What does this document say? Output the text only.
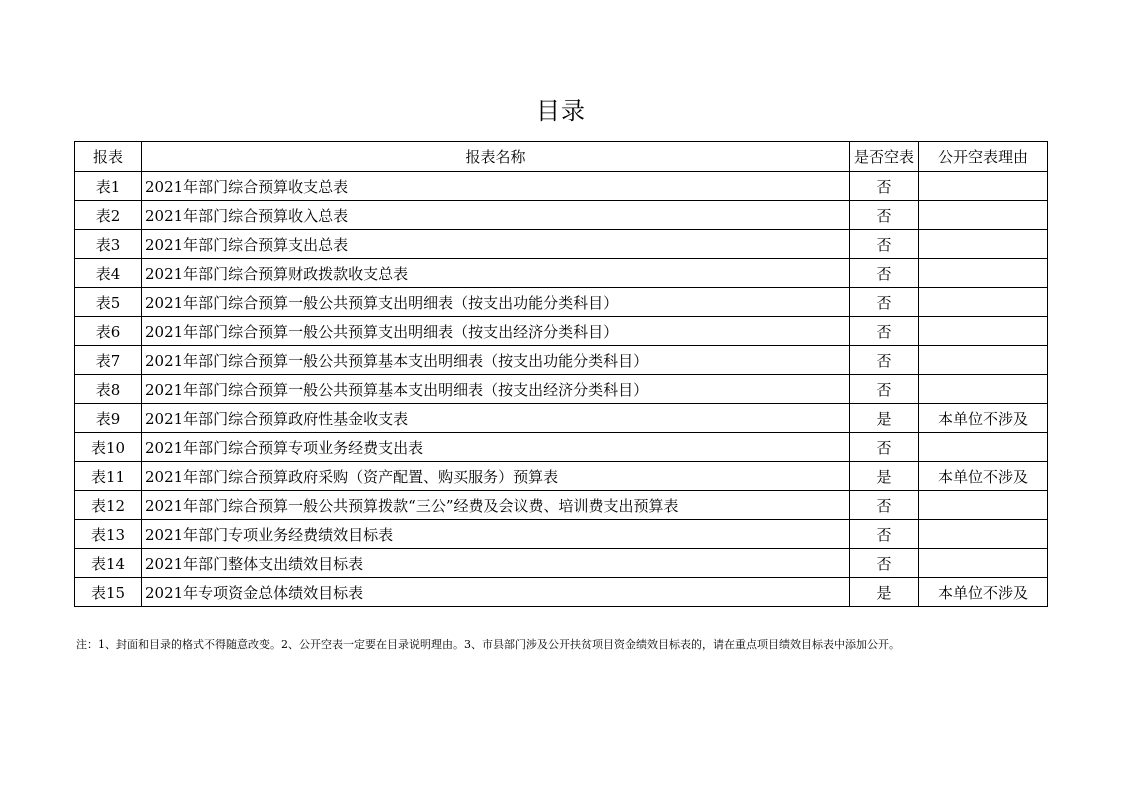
目录
报表	报表名称	是否空表	公开空表理由
表1	2021年部门综合预算收支总表	否	
表2	2021年部门综合预算收入总表	否	
表3	2021年部门综合预算支出总表	否	
表4	2021年部门综合预算财政拨款收支总表	否	
表5	2021年部门综合预算一般公共预算支出明细表（按支出功能分类科目）	否	
表6	2021年部门综合预算一般公共预算支出明细表（按支出经济分类科目）	否	
表7	2021年部门综合预算一般公共预算基本支出明细表（按支出功能分类科目）	否	
表8	2021年部门综合预算一般公共预算基本支出明细表（按支出经济分类科目）	否	
表9	2021年部门综合预算政府性基金收支表	是	本单位不涉及
表10	2021年部门综合预算专项业务经费支出表	否	
表11	2021年部门综合预算政府采购（资产配置、购买服务）预算表	是	本单位不涉及
表12	2021年部门综合预算一般公共预算拨款“三公”经费及会议费、培训费支出预算表	否	
表13	2021年部门专项业务经费绩效目标表	否	
表14	2021年部门整体支出绩效目标表	否	
表15	2021年专项资金总体绩效目标表	是	本单位不涉及
注：1、封面和目录的格式不得随意改变。2、公开空表一定要在目录说明理由。3、市县部门涉及公开扶贫项目资金绩效目标表的，请在重点项目绩效目标表中添加公开。
